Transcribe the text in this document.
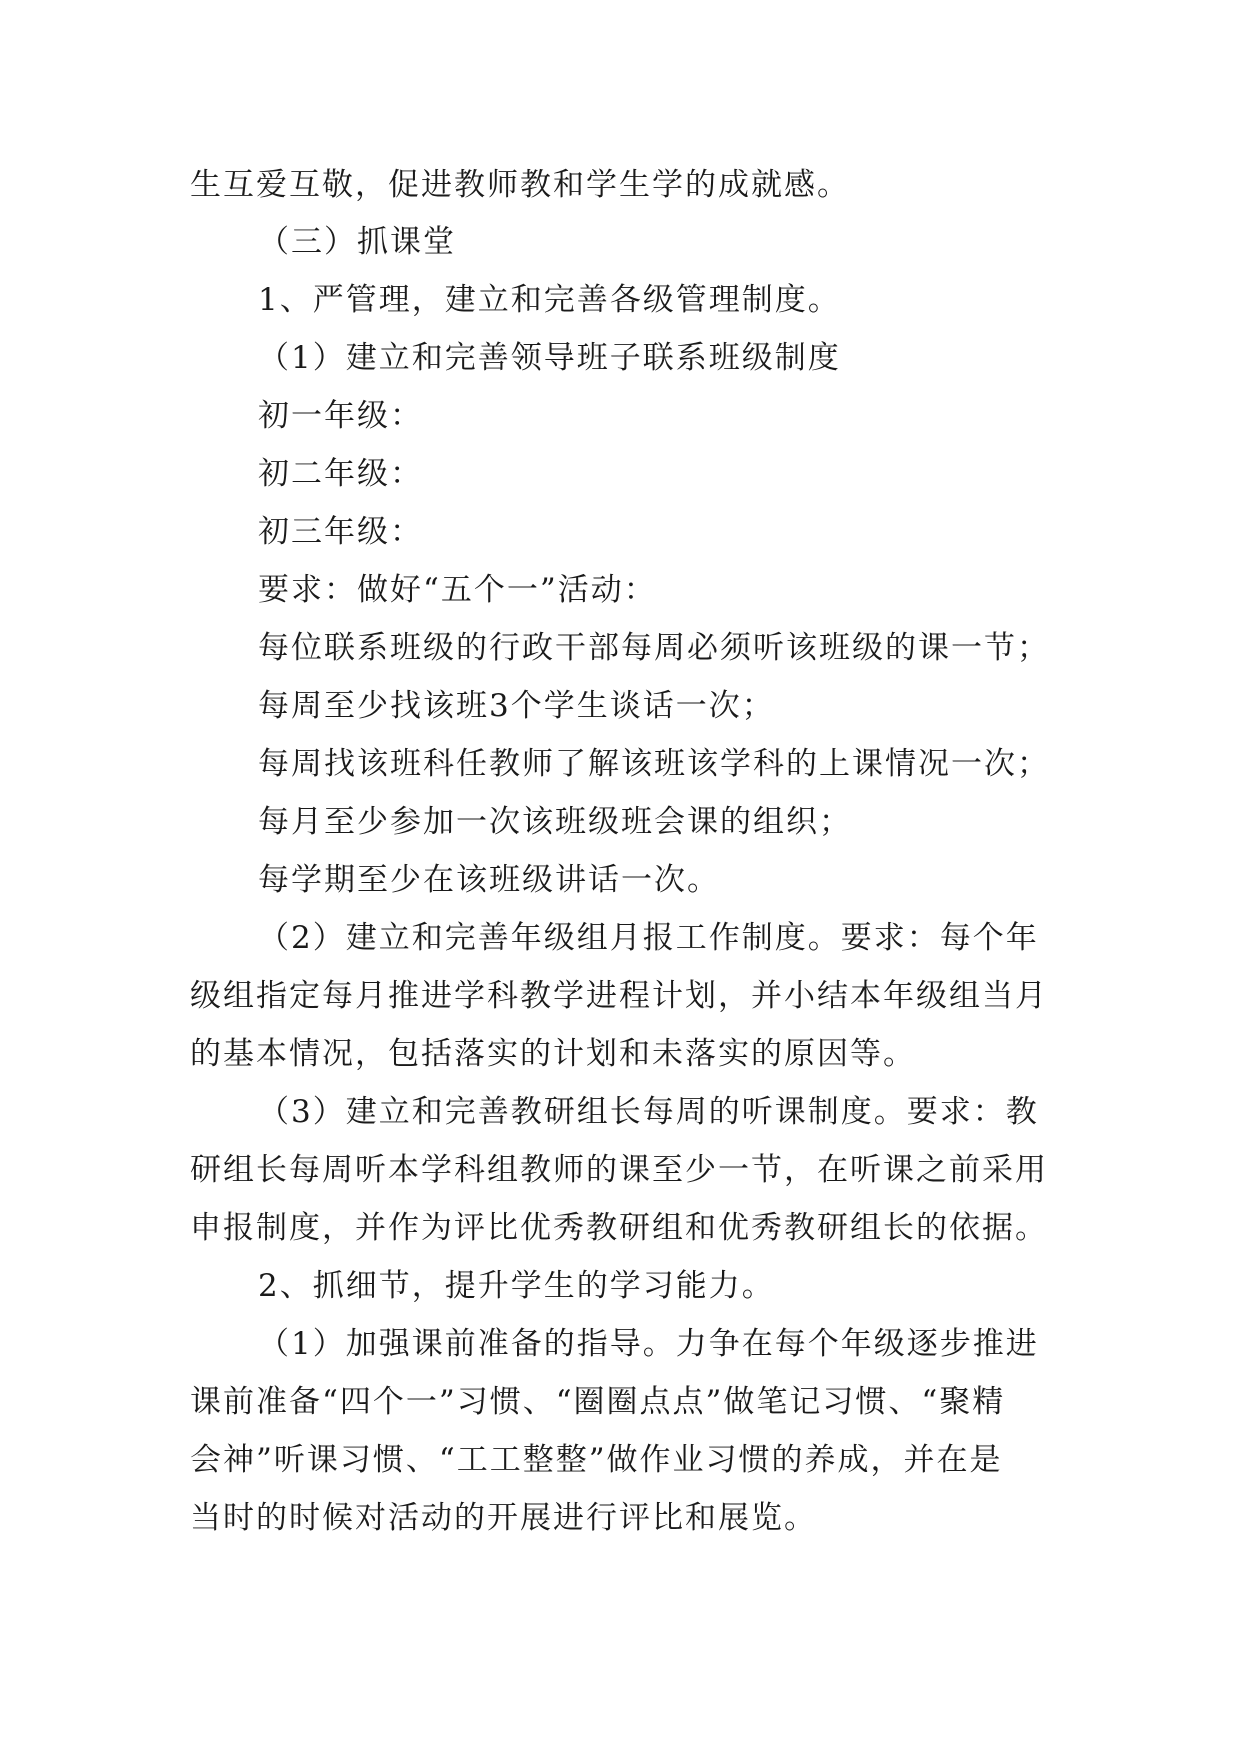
生互爱互敬，促进教师教和学生学的成就感。
（三）抓课堂
1、严管理，建立和完善各级管理制度。
（1）建立和完善领导班子联系班级制度
初一年级：
初二年级：
初三年级：
要求：做好“五个一”活动：
每位联系班级的行政干部每周必须听该班级的课一节；
每周至少找该班3个学生谈话一次；
每周找该班科任教师了解该班该学科的上课情况一次；
每月至少参加一次该班级班会课的组织；
每学期至少在该班级讲话一次。
（2）建立和完善年级组月报工作制度。要求：每个年
级组指定每月推进学科教学进程计划，并小结本年级组当月
的基本情况，包括落实的计划和未落实的原因等。
（3）建立和完善教研组长每周的听课制度。要求：教
研组长每周听本学科组教师的课至少一节，在听课之前采用
申报制度，并作为评比优秀教研组和优秀教研组长的依据。
2、抓细节，提升学生的学习能力。
（1）加强课前准备的指导。力争在每个年级逐步推进
课前准备“四个一”习惯、“圈圈点点”做笔记习惯、“聚精
会神”听课习惯、“工工整整”做作业习惯的养成，并在是
当时的时候对活动的开展进行评比和展览。
